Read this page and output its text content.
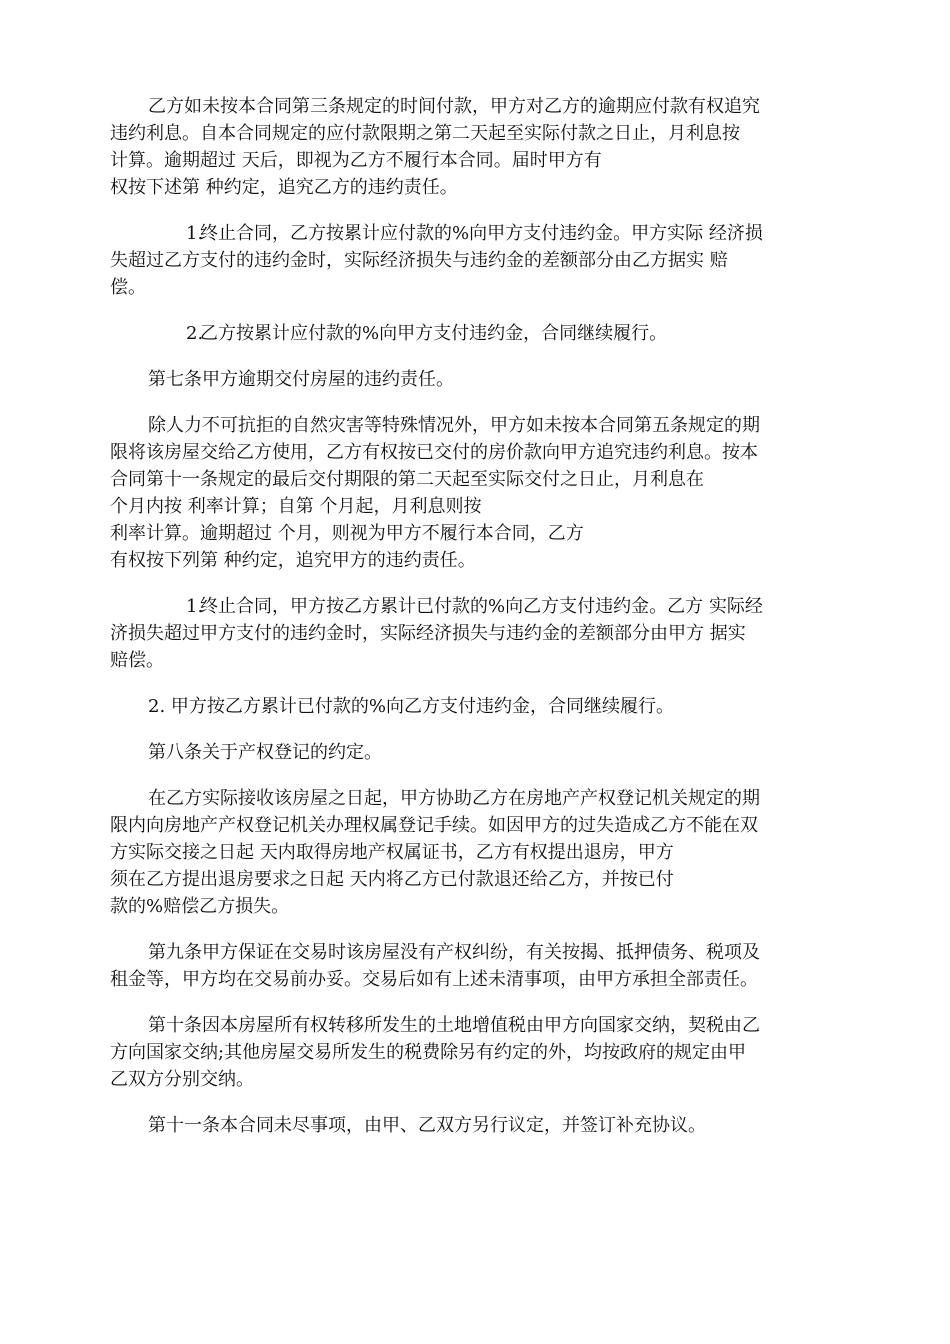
乙方如未按本合同第三条规定的时间付款，甲方对乙方的逾期应付款有权追究
违约利息。自本合同规定的应付款限期之第二天起至实际付款之日止，月利息按
计算。逾期超过 天后，即视为乙方不履行本合同。届时甲方有
权按下述第 种约定，追究乙方的违约责任。

1.终止合同，乙方按累计应付款的%向甲方支付违约金。甲方实际 经济损
失超过乙方支付的违约金时，实际经济损失与违约金的差额部分由乙方据实 赔
偿。

2.乙方按累计应付款的%向甲方支付违约金，合同继续履行。

第七条甲方逾期交付房屋的违约责任。

除人力不可抗拒的自然灾害等特殊情况外，甲方如未按本合同第五条规定的期
限将该房屋交给乙方使用，乙方有权按已交付的房价款向甲方追究违约利息。按本
合同第十一条规定的最后交付期限的第二天起至实际交付之日止，月利息在
个月内按 利率计算；自第 个月起，月利息则按
利率计算。逾期超过 个月，则视为甲方不履行本合同，乙方
有权按下列第 种约定，追究甲方的违约责任。

1.终止合同，甲方按乙方累计已付款的%向乙方支付违约金。乙方 实际经
济损失超过甲方支付的违约金时，实际经济损失与违约金的差额部分由甲方 据实
赔偿。

2. 甲方按乙方累计已付款的%向乙方支付违约金，合同继续履行。

第八条关于产权登记的约定。

在乙方实际接收该房屋之日起，甲方协助乙方在房地产产权登记机关规定的期
限内向房地产产权登记机关办理权属登记手续。如因甲方的过失造成乙方不能在双
方实际交接之日起 天内取得房地产权属证书，乙方有权提出退房，甲方
须在乙方提出退房要求之日起 天内将乙方已付款退还给乙方，并按已付
款的%赔偿乙方损失。

第九条甲方保证在交易时该房屋没有产权纠纷，有关按揭、抵押债务、税项及
租金等，甲方均在交易前办妥。交易后如有上述未清事项，由甲方承担全部责任。

第十条因本房屋所有权转移所发生的土地增值税由甲方向国家交纳，契税由乙
方向国家交纳;其他房屋交易所发生的税费除另有约定的外，均按政府的规定由甲
乙双方分别交纳。

第十一条本合同未尽事项，由甲、乙双方另行议定，并签订补充协议。
